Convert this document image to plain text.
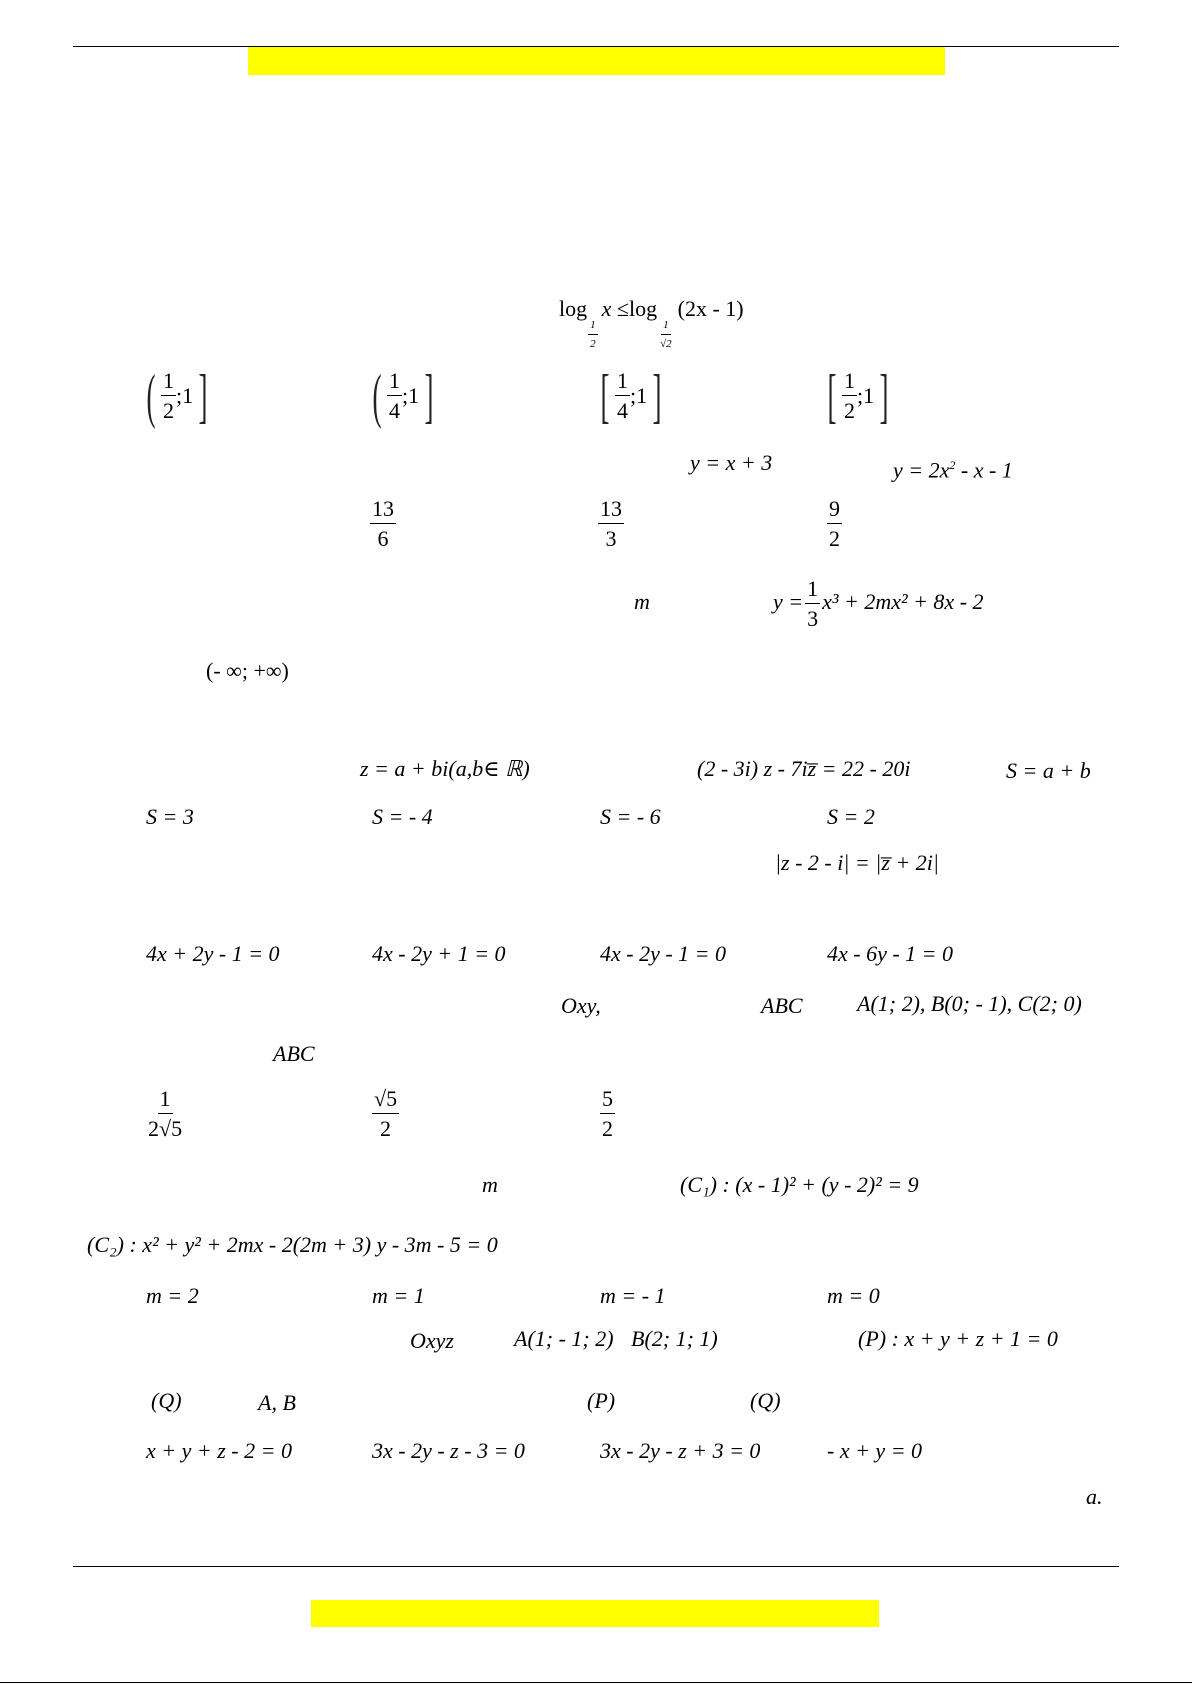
log
$\frac{1}{2}$
x ≤log
$\frac{1}{√2}$
(2x - 1)
( $\frac{1}{2}$ ;1 ]	( $\frac{1}{4}$ ;1 ]	[ $\frac{1}{4}$ ;1 ]	[ $\frac{1}{2}$ ;1 ]
y = x + 3	$y = 2x^2 - x - 1$
$\frac{13}{6}$	$\frac{13}{3}$	$\frac{9}{2}$
m	$y = \frac{1}{3} x^3 + 2mx^2 + 8x - 2$
(- ∞; +∞)
z = a + bi(a,b∈ ℝ)	(2 - 3i) z - 7iz̅ = 22 - 20i	S = a + b
S = 3	S = - 4	S = - 6	S = 2
|z - 2 - i| = |z̅ + 2i|
4x + 2y - 1 = 0	4x - 2y + 1 = 0	4x - 2y - 1 = 0	4x - 6y - 1 = 0
Oxy,	ABC A(1; 2), B(0; - 1), C(2; 0)
ABC
$\frac{1}{2√5}$	$\frac{√5}{2}$	$\frac{5}{2}$
m	(C₁) : (x - 1)² + (y - 2)² = 9
(C₂) : x² + y² + 2mx - 2(2m + 3) y - 3m - 5 = 0
m = 2	m = 1	m = - 1	m = 0
Oxyz	A(1; - 1; 2) B(2; 1; 1)	(P) : x + y + z + 1 = 0
(Q)	A, B	(P)	(Q)
x + y + z - 2 = 0	3x - 2y - z - 3 = 0	3x - 2y - z + 3 = 0	- x + y = 0
a.
